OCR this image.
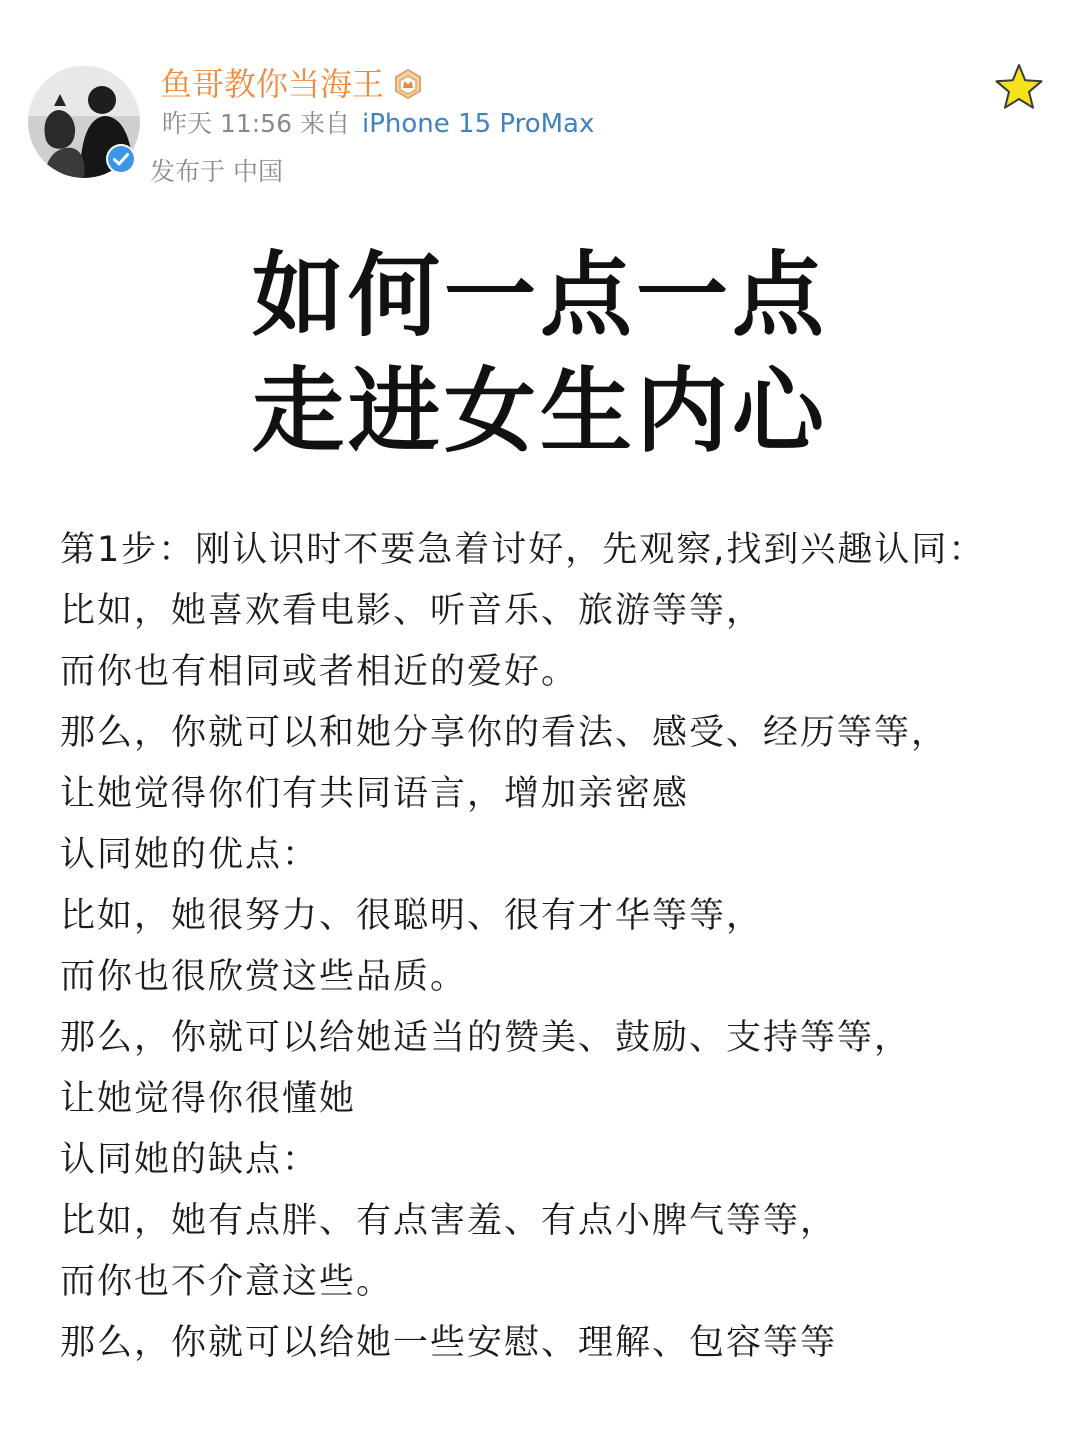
鱼哥教你当海王
昨天 11:56 来自 iPhone 15 ProMax
发布于 中国
如何一点一点
走进女生内心
第1步：刚认识时不要急着讨好，先观察,找到兴趣认同：
比如，她喜欢看电影、听音乐、旅游等等，
而你也有相同或者相近的爱好。
那么，你就可以和她分享你的看法、感受、经历等等，
让她觉得你们有共同语言，增加亲密感
认同她的优点：
比如，她很努力、很聪明、很有才华等等，
而你也很欣赏这些品质。
那么，你就可以给她适当的赞美、鼓励、支持等等，
让她觉得你很懂她
认同她的缺点：
比如，她有点胖、有点害羞、有点小脾气等等，
而你也不介意这些。
那么，你就可以给她一些安慰、理解、包容等等
